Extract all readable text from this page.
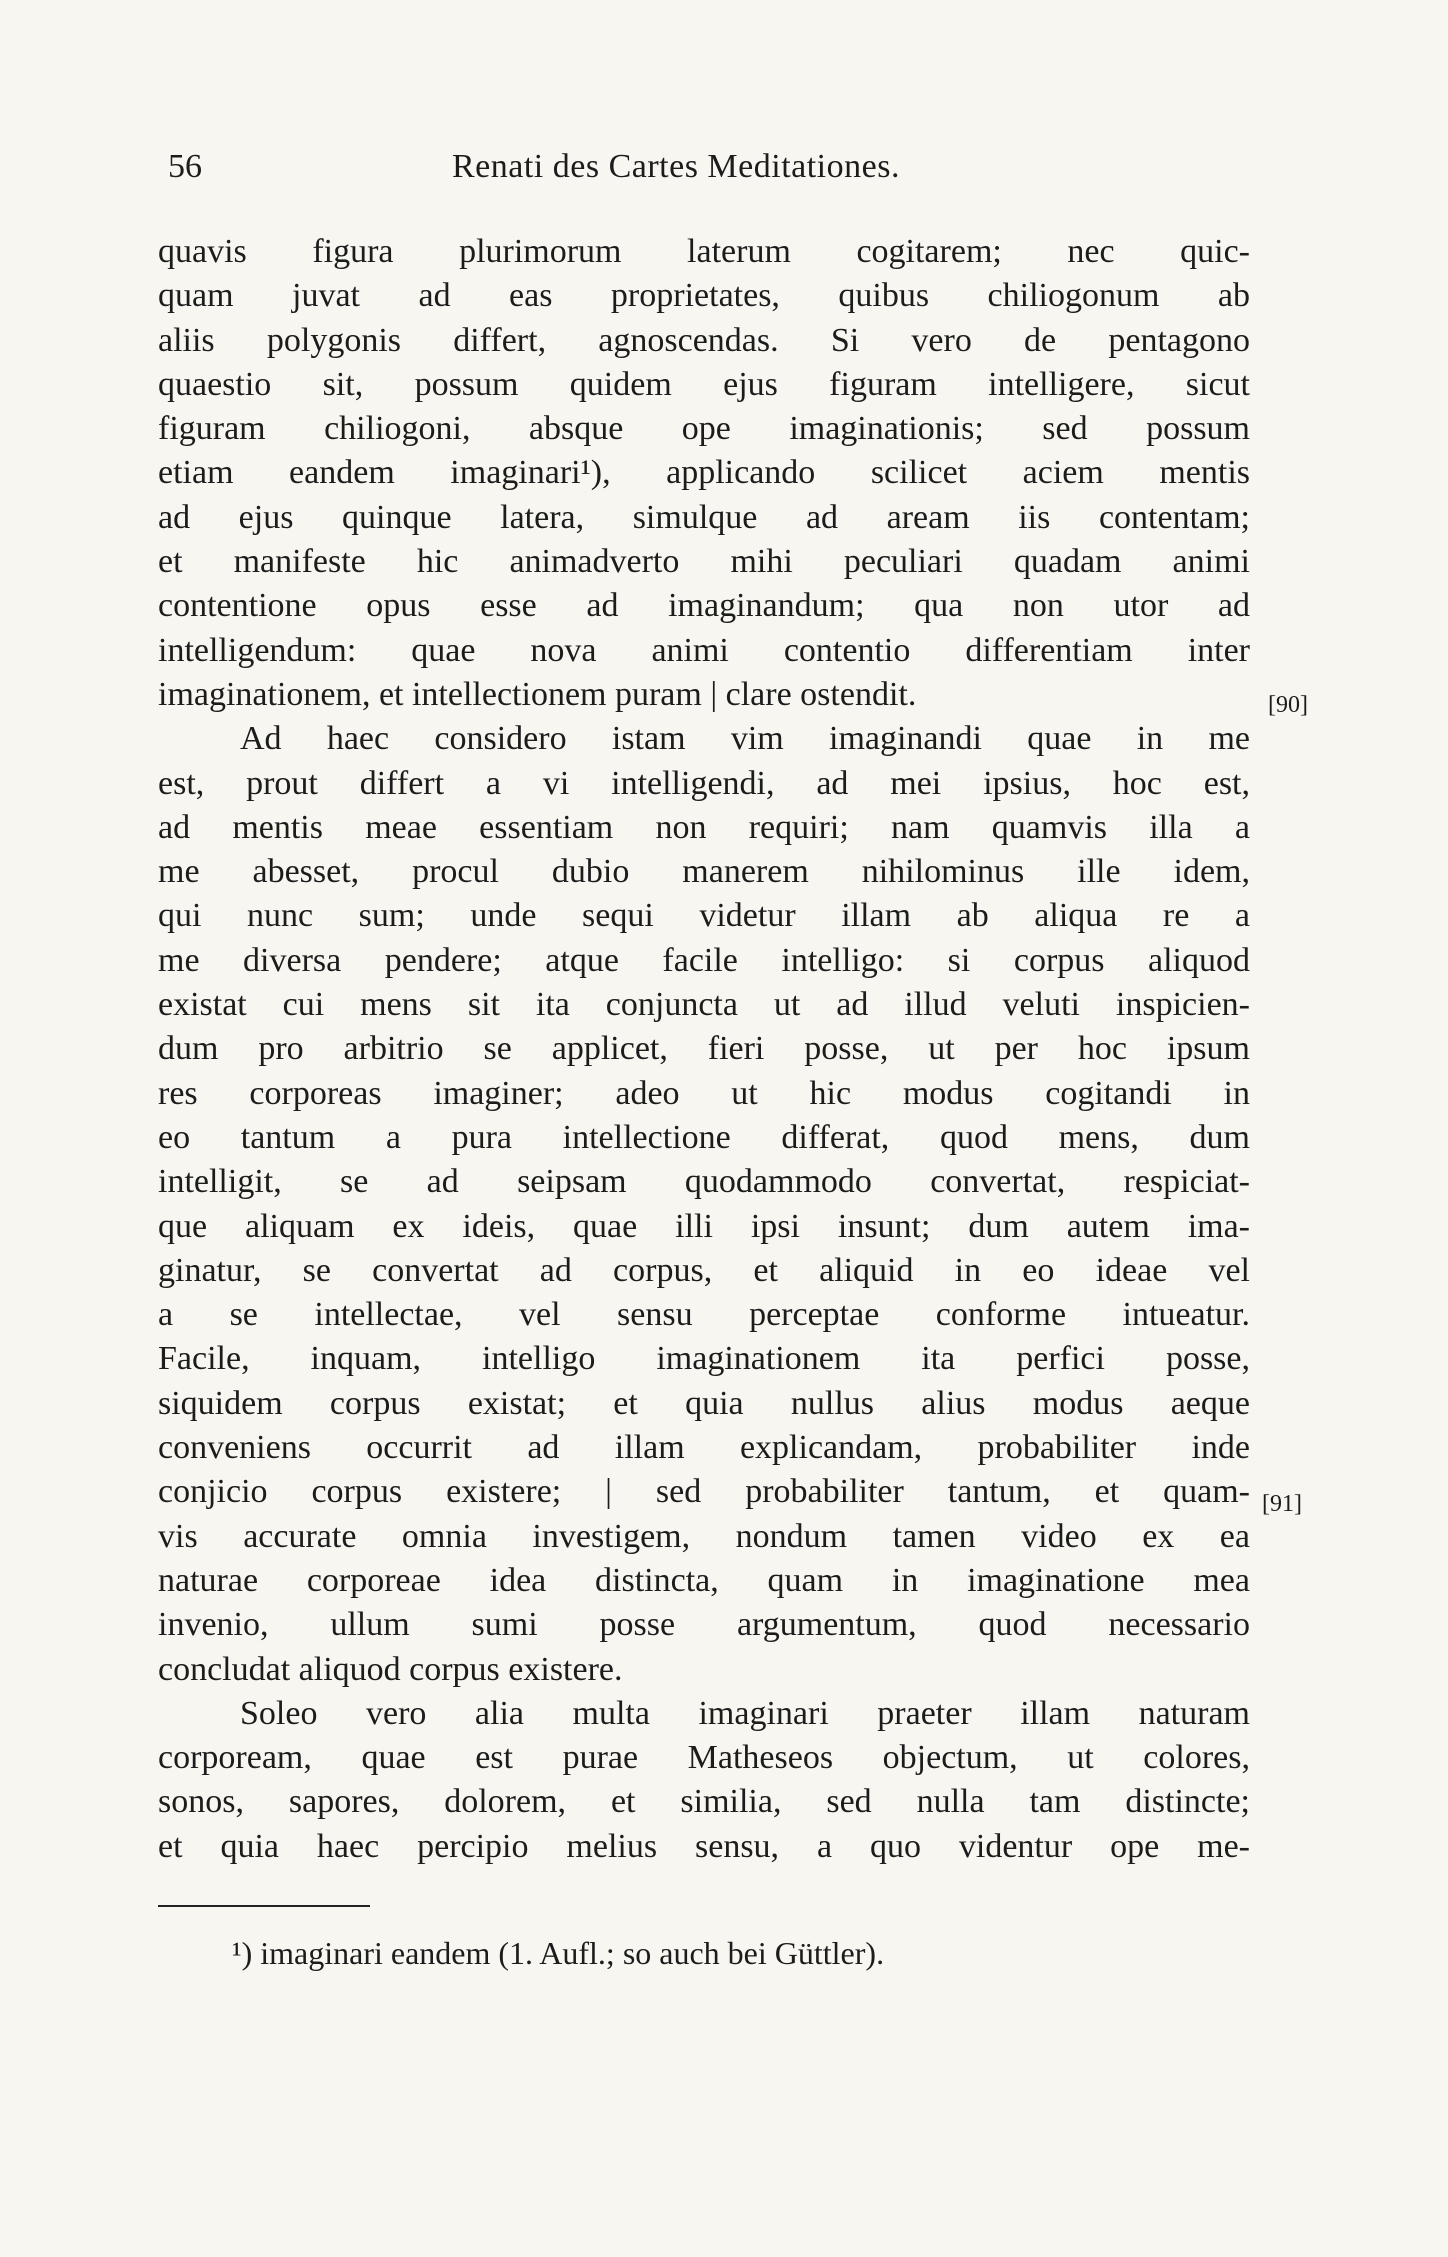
56	Renati des Cartes Meditationes.
quavis figura plurimorum laterum cogitarem; nec quic-
quam juvat ad eas proprietates, quibus chiliogonum ab
aliis polygonis differt, agnoscendas. Si vero de pentagono
quaestio sit, possum quidem ejus figuram intelligere, sicut
figuram chiliogoni, absque ope imaginationis; sed possum
etiam eandem imaginari¹), applicando scilicet aciem mentis
ad ejus quinque latera, simulque ad aream iis contentam;
et manifeste hic animadverto mihi peculiari quadam animi
contentione opus esse ad imaginandum; qua non utor ad
intelligendum: quae nova animi contentio differentiam inter
imaginationem, et intellectionem puram | clare ostendit.
Ad haec considero istam vim imaginandi quae in me
est, prout differt a vi intelligendi, ad mei ipsius, hoc est,
ad mentis meae essentiam non requiri; nam quamvis illa a
me abesset, procul dubio manerem nihilominus ille idem,
qui nunc sum; unde sequi videtur illam ab aliqua re a
me diversa pendere; atque facile intelligo: si corpus aliquod
existat cui mens sit ita conjuncta ut ad illud veluti inspicien-
dum pro arbitrio se applicet, fieri posse, ut per hoc ipsum
res corporeas imaginer; adeo ut hic modus cogitandi in
eo tantum a pura intellectione differat, quod mens, dum
intelligit, se ad seipsam quodammodo convertat, respiciat-
que aliquam ex ideis, quae illi ipsi insunt; dum autem ima-
ginatur, se convertat ad corpus, et aliquid in eo ideae vel
a se intellectae, vel sensu perceptae conforme intueatur.
Facile, inquam, intelligo imaginationem ita perfici posse,
siquidem corpus existat; et quia nullus alius modus aeque
conveniens occurrit ad illam explicandam, probabiliter inde
conjicio corpus existere; | sed probabiliter tantum, et quam-
vis accurate omnia investigem, nondum tamen video ex ea
naturae corporeae idea distincta, quam in imaginatione mea
invenio, ullum sumi posse argumentum, quod necessario
concludat aliquod corpus existere.
Soleo vero alia multa imaginari praeter illam naturam
corpoream, quae est purae Matheseos objectum, ut colores,
sonos, sapores, dolorem, et similia, sed nulla tam distincte;
et quia haec percipio melius sensu, a quo videntur ope me-
[90]
[91]
¹) imaginari eandem (1. Aufl.; so auch bei Güttler).
